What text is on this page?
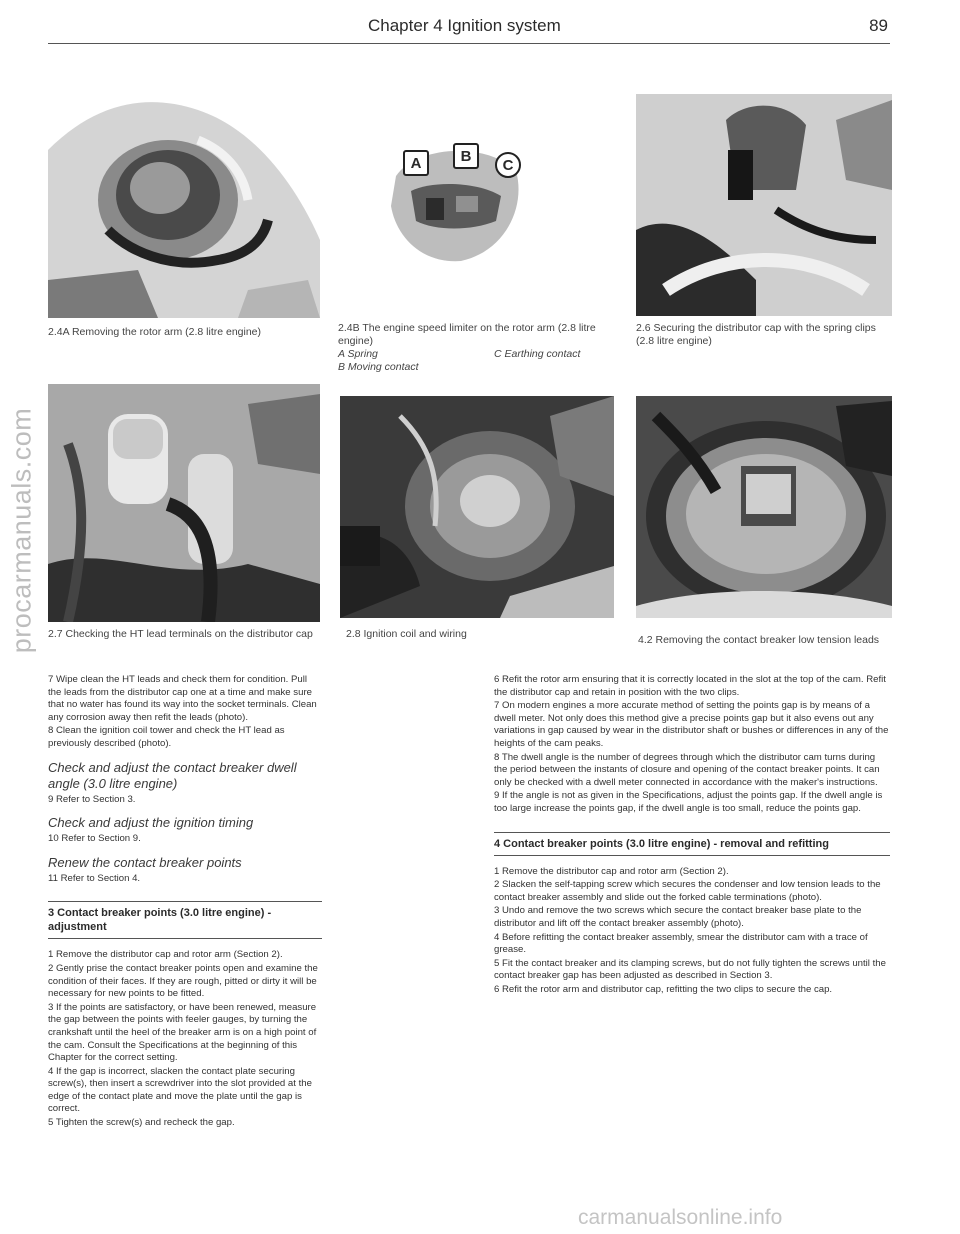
procarmanuals.com
carmanualsonline.info
Chapter 4 Ignition system	89
2.4A Removing the rotor arm (2.8 litre engine)
A	B
C
2.4B The engine speed limiter on the rotor arm (2.8 litre engine)
A Spring	C Earthing contact
B Moving contact
2.6 Securing the distributor cap with the spring clips (2.8 litre engine)
2.7 Checking the HT lead terminals on the distributor cap	2.8 Ignition coil and wiring	4.2 Removing the contact breaker low tension leads

7 Wipe clean the HT leads and check them for condition. Pull the leads from the distributor cap one at a time and make sure that no water has found its way into the socket terminals. Clean any corrosion away then refit the leads (photo).

8 Clean the ignition coil tower and check the HT lead as previously described (photo).

Check and adjust the contact breaker dwell angle (3.0 litre engine)

9 Refer to Section 3.

Check and adjust the ignition timing

10 Refer to Section 9.

Renew the contact breaker points

11 Refer to Section 4.

3 Contact breaker points (3.0 litre engine) - adjustment

1 Remove the distributor cap and rotor arm (Section 2).

2 Gently prise the contact breaker points open and examine the condition of their faces. If they are rough, pitted or dirty it will be necessary for new points to be fitted.

3 If the points are satisfactory, or have been renewed, measure the gap between the points with feeler gauges, by turning the crankshaft until the heel of the breaker arm is on a high point of the cam. Consult the Specifications at the beginning of this Chapter for the correct setting.

4 If the gap is incorrect, slacken the contact plate securing screw(s), then insert a screwdriver into the slot provided at the edge of the contact plate and move the plate until the gap is correct.

5 Tighten the screw(s) and recheck the gap.

6 Refit the rotor arm ensuring that it is correctly located in the slot at the top of the cam. Refit the distributor cap and retain in position with the two clips.

7 On modern engines a more accurate method of setting the points gap is by means of a dwell meter. Not only does this method give a precise points gap but it also evens out any variations in gap caused by wear in the distributor shaft or bushes or differences in any of the heights of the cam peaks.

8 The dwell angle is the number of degrees through which the distributor cam turns during the period between the instants of closure and opening of the contact breaker points. It can only be checked with a dwell meter connected in accordance with the maker's instructions.

9 If the angle is not as given in the Specifications, adjust the points gap. If the dwell angle is too large increase the points gap, if the dwell angle is too small, reduce the points gap.

4 Contact breaker points (3.0 litre engine) - removal and refitting

1 Remove the distributor cap and rotor arm (Section 2).

2 Slacken the self-tapping screw which secures the condenser and low tension leads to the contact breaker assembly and slide out the forked cable terminations (photo).

3 Undo and remove the two screws which secure the contact breaker base plate to the distributor and lift off the contact breaker assembly (photo).

4 Before refitting the contact breaker assembly, smear the distributor cam with a trace of grease.

5 Fit the contact breaker and its clamping screws, but do not fully tighten the screws until the contact breaker gap has been adjusted as described in Section 3.

6 Refit the rotor arm and distributor cap, refitting the two clips to secure the cap.
